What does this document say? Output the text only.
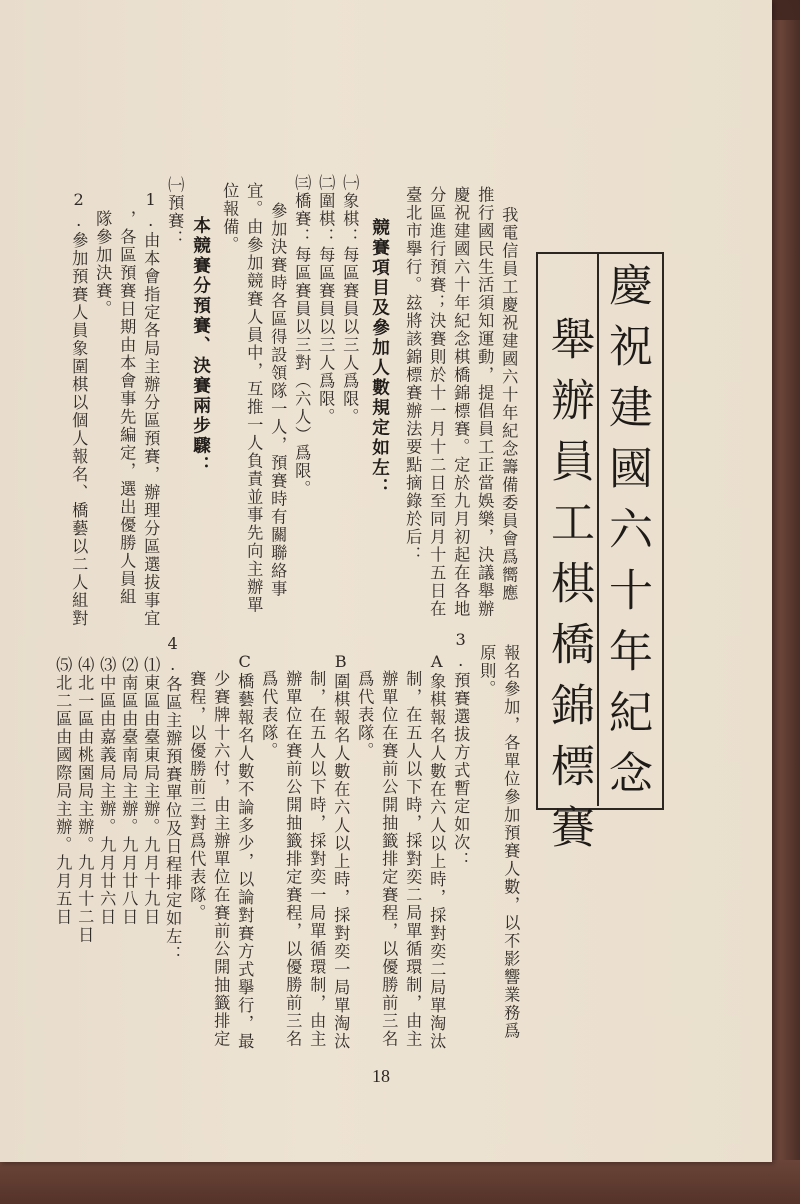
慶祝建國六十年紀念
舉辦員工棋橋錦標賽
我電信員工慶祝建國六十年紀念籌備委員會爲嚮應
推行國民生活須知運動，提倡員工正當娛樂，決議舉辦
慶祝建國六十年紀念棋橋錦標賽。定於九月初起在各地
分區進行預賽；決賽則於十一月十二日至同月十五日在
臺北市擧行。玆將該錦標賽辦法要點摘錄於后：
競賽項目及參加人數規定如左：
㈠象棋：每區賽員以三人爲限。
㈡圍棋：每區賽員以三人爲限。
㈢橋賽：每區賽員以三對（六人）爲限。
參加決賽時各區得設領隊一人，預賽時有關聯絡事
宜。由參加競賽人員中，互推一人負責並事先向主辦單
位報備。
本競賽分預賽、決賽兩步驟：
㈠預賽：
1.由本會指定各局主辦分區預賽，辦理分區選拔事宜
，各區預賽日期由本會事先編定，選出優勝人員組
隊參加決賽。
2.參加預賽人員象圍棋以個人報名、橋藝以二人組對
報名參加，各單位參加預賽人數，以不影響業務爲
原則。
3.預賽選拔方式暫定如次：
A象棋報名人數在六人以上時，採對奕二局單淘汰
制，在五人以下時，採對奕二局單循環制，由主
辦單位在賽前公開抽籤排定賽程，以優勝前三名
爲代表隊。
B圍棋報名人數在六人以上時，採對奕一局單淘汰
制，在五人以下時，採對奕一局單循環制，由主
辦單位在賽前公開抽籤排定賽程，以優勝前三名
爲代表隊。
C橋藝報名人數不論多少，以論對賽方式擧行，最
少賽牌十六付，由主辦單位在賽前公開抽籤排定
賽程，以優勝前三對爲代表隊。
4.各區主辦預賽單位及日程排定如左：
⑴東區由臺東局主辦。九月十九日
⑵南區由臺南局主辦。九月廿八日
⑶中區由嘉義局主辦。九月廿六日
⑷北一區由桃園局主辦。九月十二日
⑸北二區由國際局主辦。九月五日
18
